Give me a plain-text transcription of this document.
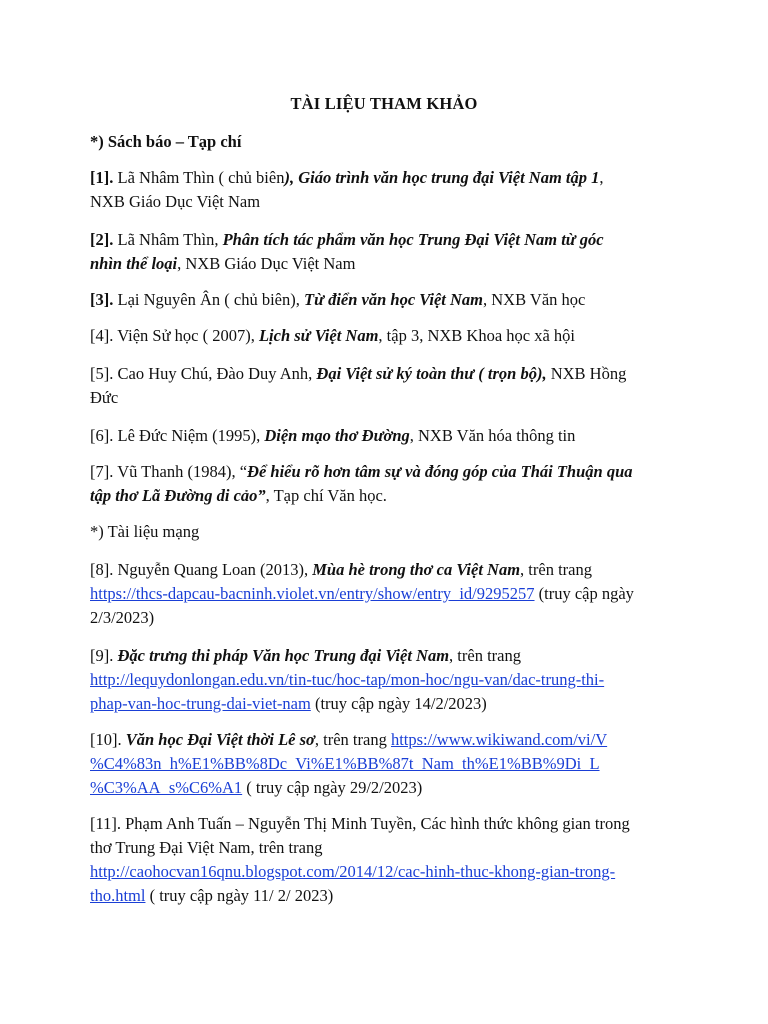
TÀI LIỆU THAM KHẢO
*) Sách báo – Tạp chí
[1]. Lã Nhâm Thìn ( chủ biên), Giáo trình văn học trung đại Việt Nam tập 1,
NXB Giáo Dục Việt Nam
[2]. Lã Nhâm Thìn, Phân tích tác phẩm văn học Trung Đại Việt Nam từ góc
nhìn thể loại, NXB Giáo Dục Việt Nam
[3]. Lại Nguyên Ân ( chủ biên), Từ điển văn học Việt Nam, NXB Văn học
[4]. Viện Sử học ( 2007), Lịch sử Việt Nam, tập 3, NXB Khoa học xã hội
[5]. Cao Huy Chú, Đào Duy Anh, Đại Việt sử ký toàn thư ( trọn bộ), NXB Hồng
Đức
[6]. Lê Đức Niệm (1995), Diện mạo thơ Đường, NXB Văn hóa thông tin
[7]. Vũ Thanh (1984), “Để hiểu rõ hơn tâm sự và đóng góp của Thái Thuận qua
tập thơ Lã Đường di cảo”, Tạp chí Văn học.
*) Tài liệu mạng
[8]. Nguyễn Quang Loan (2013), Mùa hè trong thơ ca Việt Nam, trên trang
https://thcs-dapcau-bacninh.violet.vn/entry/show/entry_id/9295257 (truy cập ngày
2/3/2023)
[9]. Đặc trưng thi pháp Văn học Trung đại Việt Nam, trên trang
http://lequydonlongan.edu.vn/tin-tuc/hoc-tap/mon-hoc/ngu-van/dac-trung-thi-
phap-van-hoc-trung-dai-viet-nam (truy cập ngày 14/2/2023)
[10]. Văn học Đại Việt thời Lê sơ, trên trang https://www.wikiwand.com/vi/V
%C4%83n_h%E1%BB%8Dc_Vi%E1%BB%87t_Nam_th%E1%BB%9Di_L
%C3%AA_s%C6%A1 ( truy cập ngày 29/2/2023)
[11]. Phạm Anh Tuấn – Nguyễn Thị Minh Tuyền, Các hình thức không gian trong
thơ Trung Đại Việt Nam, trên trang
http://caohocvan16qnu.blogspot.com/2014/12/cac-hinh-thuc-khong-gian-trong-
tho.html ( truy cập ngày 11/ 2/ 2023)
